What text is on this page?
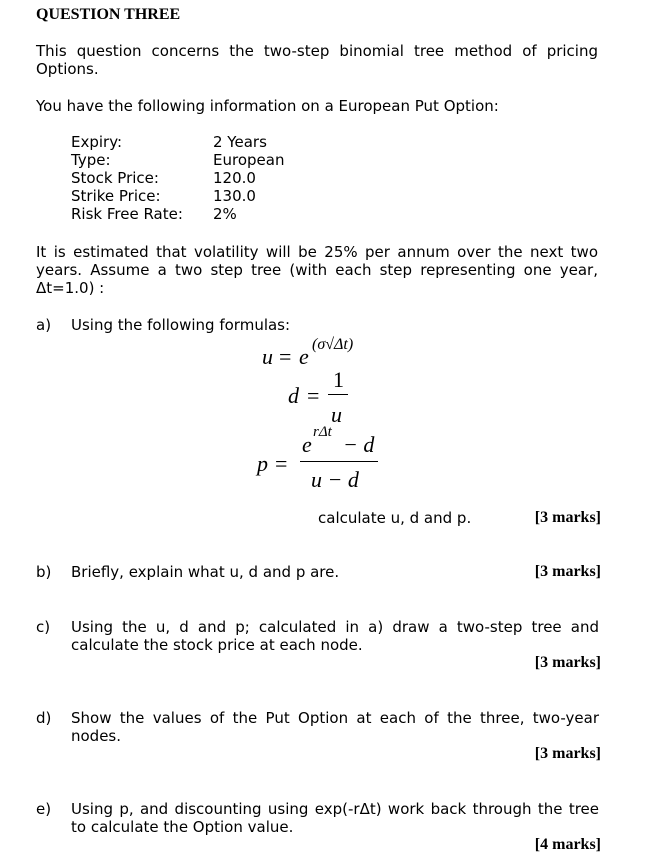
QUESTION THREE
This question concerns the two-step binomial tree method of pricing Options.
You have the following information on a European Put Option:
Expiry:	2 Years
Type:	European
Stock Price:	120.0
Strike Price:	130.0
Risk Free Rate:	2%
It is estimated that volatility will be 25% per annum over the next two years. Assume a two step tree (with each step representing one year, Δt=1.0) :
a) Using the following formulas:
u = e (σ√Δt)
d =
1
u
p =
e rΔt − d
u − d
calculate u, d and p.	[3 marks]
b) Briefly, explain what u, d and p are.	[3 marks]
c) Using the u, d and p; calculated in a) draw a two-step tree and calculate the stock price at each node.
[3 marks]
d) Show the values of the Put Option at each of the three, two-year nodes.
[3 marks]
e) Using p, and discounting using exp(-rΔt) work back through the tree to calculate the Option value.
[4 marks]
